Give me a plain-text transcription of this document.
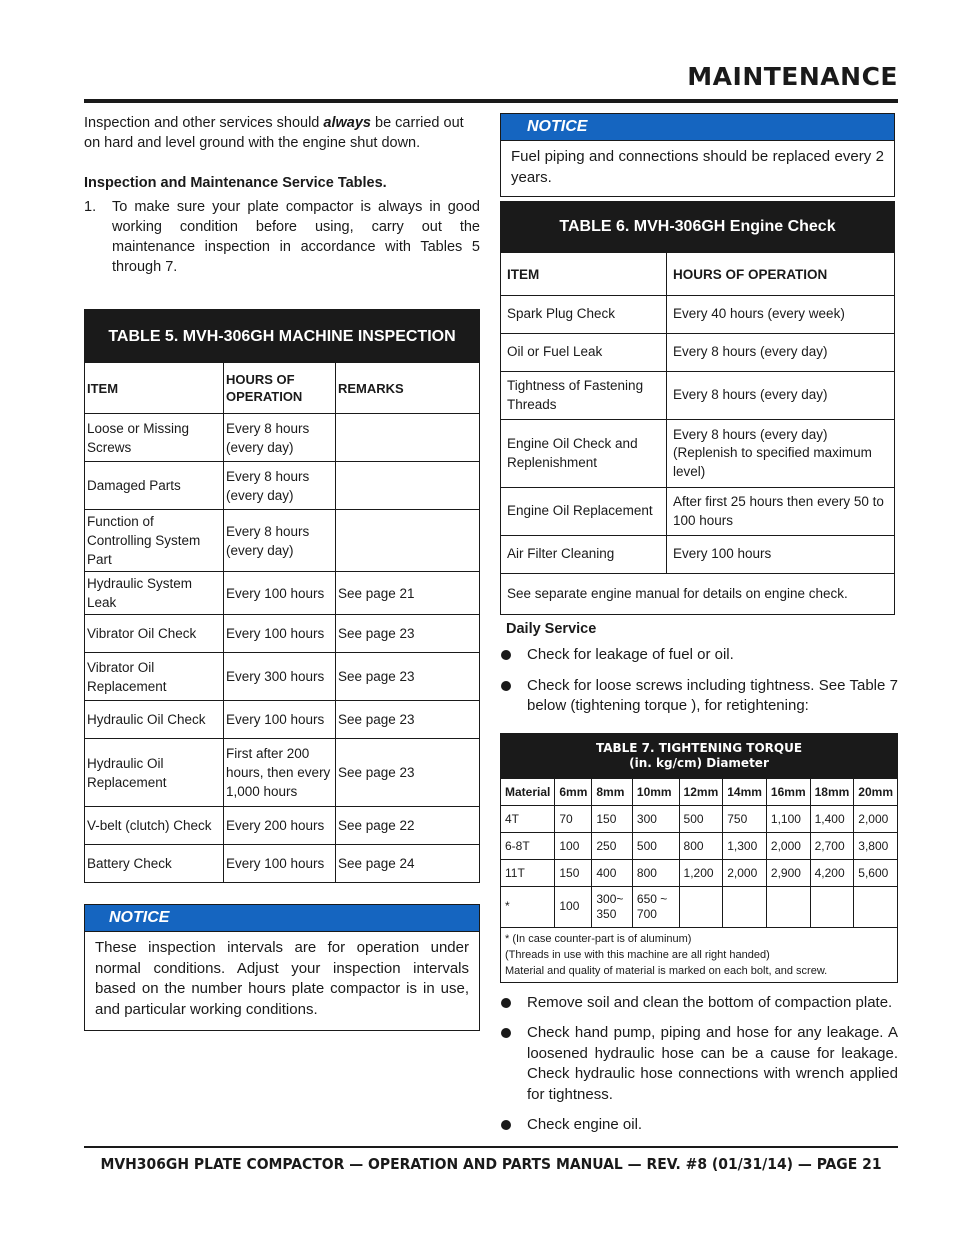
MAINTENANCE

Inspection and other services should always be carried out on hard and level ground with the engine shut down.

Inspection and Maintenance Service Tables.
1.	To make sure your plate compactor is always in good working condition before using, carry out the maintenance inspection in accordance with Tables 5 through 7.
TABLE 5. MVH-306GH MACHINE INSPECTION		
ITEM	HOURS OF OPERATION	REMARKS
Loose or Missing Screws	Every 8 hours (every day)	
Damaged Parts	Every 8 hours (every day)	
Function of Controlling System Part	Every 8 hours (every day)	
Hydraulic System Leak	Every 100 hours	See page 21
Vibrator Oil Check	Every 100 hours	See page 23
Vibrator Oil Replacement	Every 300 hours	See page 23
Hydraulic Oil Check	Every 100 hours	See page 23
Hydraulic Oil Replacement	First after 200 hours, then every 1,000 hours	See page 23
V-belt (clutch) Check	Every 200 hours	See page 22
Battery Check	Every 100 hours	See page 24
NOTICE
These inspection intervals are for operation under normal conditions. Adjust your inspection intervals based on the number hours plate compactor is in use, and particular working conditions.
NOTICE
Fuel piping and connections should be replaced every 2 years.
TABLE 6. MVH-306GH Engine Check	
ITEM	HOURS OF OPERATION
Spark Plug Check	Every 40 hours (every week)
Oil or Fuel Leak	Every 8 hours (every day)
Tightness of Fastening Threads	Every 8 hours (every day)
Engine Oil Check and Replenishment	Every 8 hours (every day) (Replenish to specified maximum level)
Engine Oil Replacement	After first 25 hours then every 50 to 100 hours
Air Filter Cleaning	Every 100 hours
See separate engine manual for details on engine check.	
Daily Service
Check for leakage of fuel or oil.
Check for loose screws including tightness. See Table 7 below (tightening torque ), for retightening:
TABLE 7. TIGHTENING TORQUE
(in. kg/cm) Diameter								

Material	6mm	8mm	10mm	12mm	14mm	16mm	18mm	20mm
4T	70	150	300	500	750	1,100	1,400	2,000
6-8T	100	250	500	800	1,300	2,000	2,700	3,800
11T	150	400	800	1,200	2,000	2,900	4,200	5,600
*	100	300~ 350	650 ~ 700					

* (In case counter-part is of aluminum)
(Threads in use with this machine are all right handed)
Material and quality of material is marked on each bolt, and screw.								
Remove soil and clean the bottom of compaction plate.
Check hand pump, piping and hose for any leakage. A loosened hydraulic hose can be a cause for leakage. Check hydraulic hose connections with wrench applied for tightness.
Check engine oil.
MVH306GH PLATE COMPACTOR — OPERATION AND PARTS MANUAL — REV. #8 (01/31/14) — PAGE 21
